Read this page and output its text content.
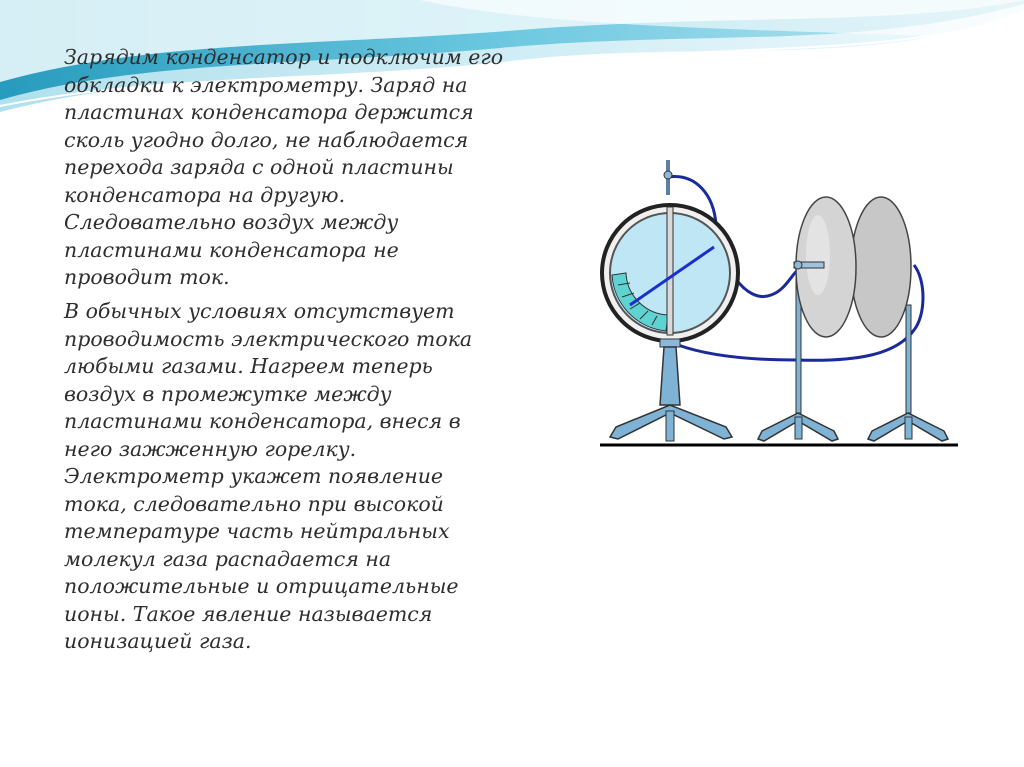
Зарядим конденсатор и подключим его
обкладки к электрометру. Заряд на
пластинах конденсатора держится
сколь угодно долго, не наблюдается
перехода заряда с одной пластины
конденсатора на другую.
Следовательно воздух между
пластинами конденсатора не
проводит ток.

В обычных условиях отсутствует
проводимость электрического тока
любыми газами. Нагреем теперь
воздух в промежутке между
пластинами конденсатора, внеся в
него зажженную горелку.
Электрометр укажет появление
тока, следовательно при высокой
температуре часть нейтральных
молекул газа распадается на
положительные и отрицательные
ионы. Такое явление называется
ионизацией газа.
